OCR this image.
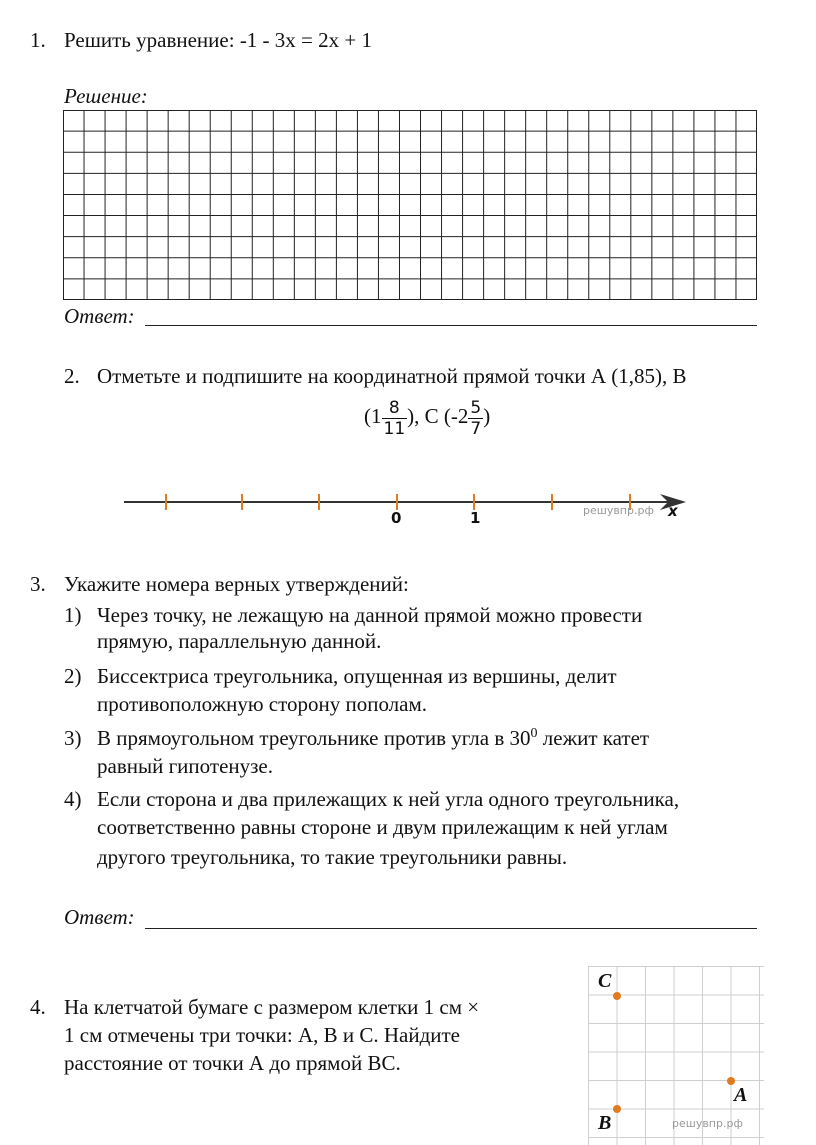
1. Решить уравнение: -1 - 3х = 2х + 1
Решение:
Ответ:
2. Отметьте и подпишите на координатной прямой точки А (1,85), В
($1 \frac{8}{11}$ ), С ($-2 \frac{5}{7}$ )
0	1	решувпр.рф x
3. Укажите номера верных утверждений:
1) Через точку, не лежащую на данной прямой можно провести
прямую, параллельную данной.
2) Биссектриса треугольника, опущенная из вершины, делит
противоположную сторону пополам.
3) В прямоугольном треугольнике против угла в $30^0$ лежит катет
равный гипотенузе.
4) Если сторона и два прилежащих к ней угла одного треугольника,
соответственно равны стороне и двум прилежащим к ней углам
другого треугольника, то такие треугольники равны.
Ответ:
4. На клетчатой бумаге с размером клетки 1 см ×
1 см отмечены три точки: А, В и С. Найдите
расстояние от точки А до прямой ВС.
C
A
B	решувпр.рф
